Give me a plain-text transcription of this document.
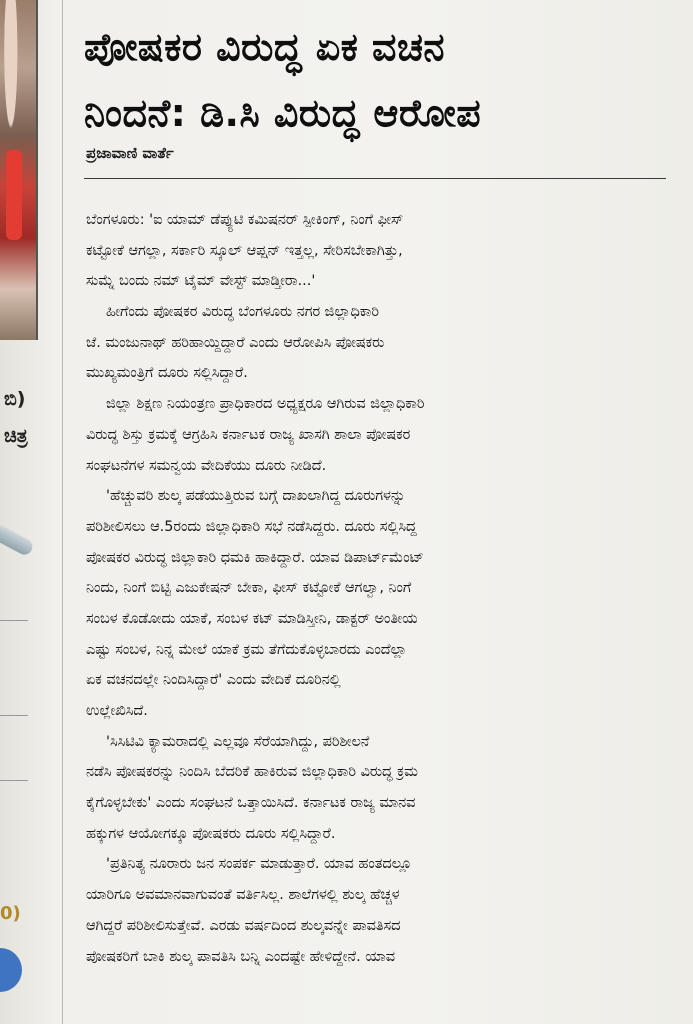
ಬಿ)
ಚಿತ್ರ
0)
ಪೋಷಕರ ವಿರುದ್ಧ ಏಕ ವಚನ
ನಿಂದನೆ: ಡಿ.ಸಿ ವಿರುದ್ಧ ಆರೋಪ
ಪ್ರಜಾವಾಣಿ ವಾರ್ತೆ
ಬೆಂಗಳೂರು: 'ಐ ಯಾಮ್ ಡೆಪ್ಯುಟಿ ಕಮಿಷನರ್ ಸ್ಪೀಕಿಂಗ್, ನಿಂಗೆ ಫೀಸ್
ಕಟ್ಟೋಕೆ ಆಗಲ್ಲಾ, ಸರ್ಕಾರಿ ಸ್ಕೂಲ್ ಆಪ್ಷನ್ ಇತ್ತಲ್ಲ, ಸೇರಿಸಬೇಕಾಗಿತ್ತು,
ಸುಮ್ನೆ ಬಂದು ನಮ್ ಟೈಮ್ ವೇಸ್ಟ್ ಮಾಡ್ತೀರಾ...'
ಹೀಗೆಂದು ಪೋಷಕರ ವಿರುದ್ಧ ಬೆಂಗಳೂರು ನಗರ ಜಿಲ್ಲಾಧಿಕಾರಿ
ಜೆ. ಮಂಜುನಾಥ್ ಹರಿಹಾಯ್ದಿದ್ದಾರೆ ಎಂದು ಆರೋಪಿಸಿ ಪೋಷಕರು
ಮುಖ್ಯಮಂತ್ರಿಗೆ ದೂರು ಸಲ್ಲಿಸಿದ್ದಾರೆ.
ಜಿಲ್ಲಾ ಶಿಕ್ಷಣ ನಿಯಂತ್ರಣ ಪ್ರಾಧಿಕಾರದ ಅಧ್ಯಕ್ಷರೂ ಆಗಿರುವ ಜಿಲ್ಲಾಧಿಕಾರಿ
ವಿರುದ್ಧ ಶಿಸ್ತು ಕ್ರಮಕ್ಕೆ ಆಗ್ರಹಿಸಿ ಕರ್ನಾಟಕ ರಾಜ್ಯ ಖಾಸಗಿ ಶಾಲಾ ಪೋಷಕರ
ಸಂಘಟನೆಗಳ ಸಮನ್ವಯ ವೇದಿಕೆಯು ದೂರು ನೀಡಿದೆ.
'ಹೆಚ್ಚುವರಿ ಶುಲ್ಕ ಪಡೆಯುತ್ತಿರುವ ಬಗ್ಗೆ ದಾಖಲಾಗಿದ್ದ ದೂರುಗಳನ್ನು
ಪರಿಶೀಲಿಸಲು ಆ.5ರಂದು ಜಿಲ್ಲಾಧಿಕಾರಿ ಸಭೆ ನಡೆಸಿದ್ದರು. ದೂರು ಸಲ್ಲಿಸಿದ್ದ
ಪೋಷಕರ ವಿರುದ್ಧ ಜಿಲ್ಲಾಕಾರಿ ಧಮಕಿ ಹಾಕಿದ್ದಾರೆ. ಯಾವ ಡಿಪಾರ್ಟ್‌ಮೆಂಟ್
ನಿಂದು, ನಿಂಗೆ ಬಿಟ್ಟಿ ಎಜುಕೇಷನ್ ಬೇಕಾ, ಫೀಸ್ ಕಟ್ಟೋಕೆ ಆಗಲ್ವಾ, ನಿಂಗೆ
ಸಂಬಳ ಕೊಡೋದು ಯಾಕೆ, ಸಂಬಳ ಕಟ್ ಮಾಡಿಸ್ತೀನಿ, ಡಾಕ್ಟರ್ ಅಂತೀಯ
ಎಷ್ಟು ಸಂಬಳ, ನಿನ್ನ ಮೇಲೆ ಯಾಕೆ ಕ್ರಮ ತೆಗೆದುಕೊಳ್ಳಬಾರದು ಎಂದೆಲ್ಲಾ
ಏಕ ವಚನದಲ್ಲೇ ನಿಂದಿಸಿದ್ದಾರೆ' ಎಂದು ವೇದಿಕೆ ದೂರಿನಲ್ಲಿ
ಉಲ್ಲೇಖಿಸಿದೆ.
'ಸಿಸಿಟಿವಿ ಕ್ಯಾಮರಾದಲ್ಲಿ ಎಲ್ಲವೂ ಸೆರೆಯಾಗಿದ್ದು, ಪರಿಶೀಲನೆ
ನಡೆಸಿ ಪೋಷಕರನ್ನು ನಿಂದಿಸಿ ಬೆದರಿಕೆ ಹಾಕಿರುವ ಜಿಲ್ಲಾಧಿಕಾರಿ ವಿರುದ್ಧ ಕ್ರಮ
ಕೈಗೊಳ್ಳಬೇಕು' ಎಂದು ಸಂಘಟನೆ ಒತ್ತಾಯಿಸಿದೆ. ಕರ್ನಾಟಕ ರಾಜ್ಯ ಮಾನವ
ಹಕ್ಕುಗಳ ಆಯೋಗಕ್ಕೂ ಪೋಷಕರು ದೂರು ಸಲ್ಲಿಸಿದ್ದಾರೆ.
'ಪ್ರತಿನಿತ್ಯ ನೂರಾರು ಜನ ಸಂಪರ್ಕ ಮಾಡುತ್ತಾರೆ. ಯಾವ ಹಂತದಲ್ಲೂ
ಯಾರಿಗೂ ಅವಮಾನವಾಗುವಂತೆ ವರ್ತಿಸಿಲ್ಲ. ಶಾಲೆಗಳಲ್ಲಿ ಶುಲ್ಕ ಹೆಚ್ಚಳ
ಆಗಿದ್ದರೆ ಪರಿಶೀಲಿಸುತ್ತೇವೆ. ಎರಡು ವರ್ಷದಿಂದ ಶುಲ್ಕವನ್ನೇ ಪಾವತಿಸದ
ಪೋಷಕರಿಗೆ ಬಾಕಿ ಶುಲ್ಕ ಪಾವತಿಸಿ ಬನ್ನಿ ಎಂದಷ್ಟೇ ಹೇಳಿದ್ದೇನೆ. ಯಾವ
